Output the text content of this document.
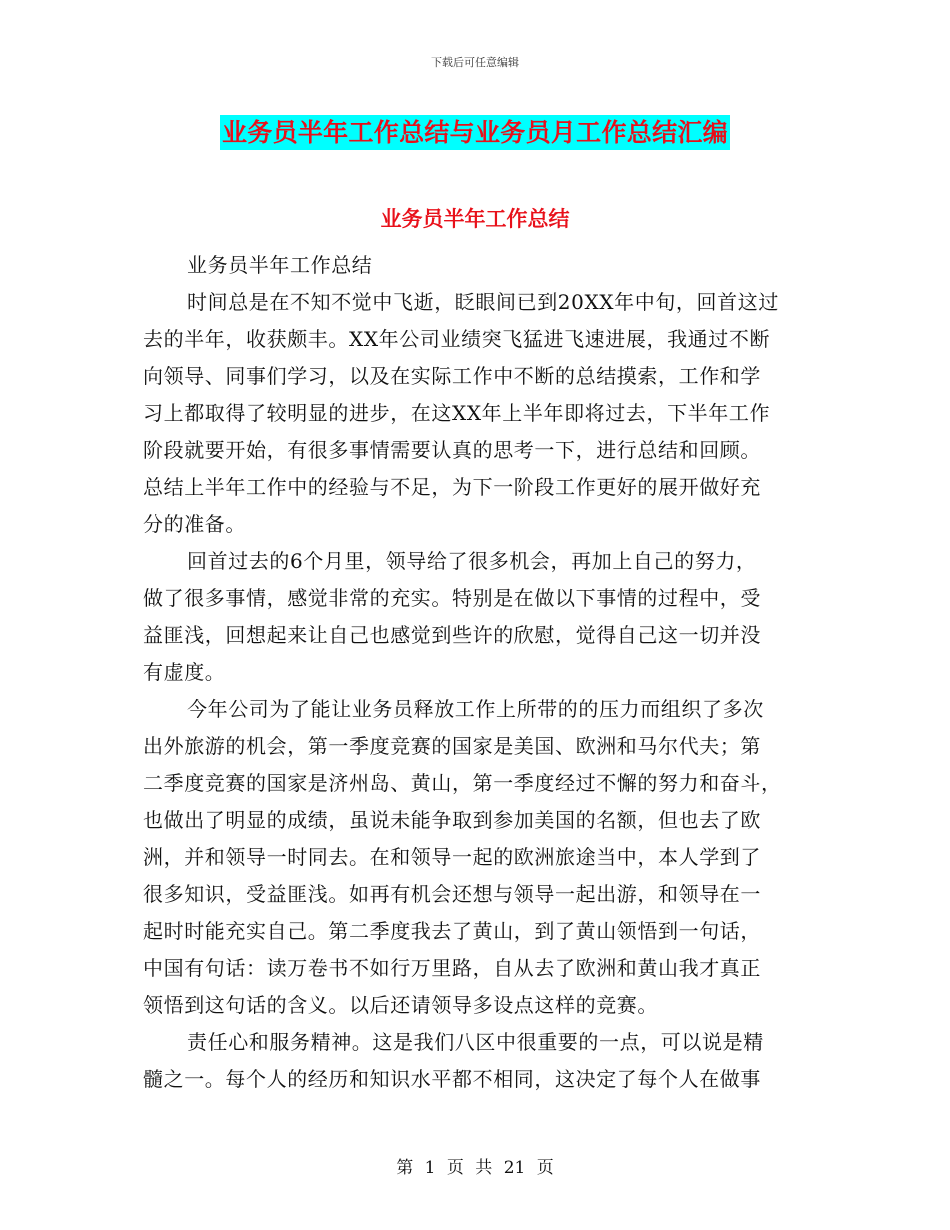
下载后可任意编辑
业务员半年工作总结与业务员月工作总结汇编
业务员半年工作总结
业务员半年工作总结
时间总是在不知不觉中飞逝，眨眼间已到20XX年中旬，回首这过
去的半年，收获颇丰。XX年公司业绩突飞猛进飞速进展，我通过不断
向领导、同事们学习，以及在实际工作中不断的总结摸索，工作和学
习上都取得了较明显的进步，在这XX年上半年即将过去，下半年工作
阶段就要开始，有很多事情需要认真的思考一下，进行总结和回顾。
总结上半年工作中的经验与不足，为下一阶段工作更好的展开做好充
分的准备。
回首过去的6个月里，领导给了很多机会，再加上自己的努力，
做了很多事情，感觉非常的充实。特别是在做以下事情的过程中，受
益匪浅，回想起来让自己也感觉到些许的欣慰，觉得自己这一切并没
有虚度。
今年公司为了能让业务员释放工作上所带的的压力而组织了多次
出外旅游的机会，第一季度竞赛的国家是美国、欧洲和马尔代夫；第
二季度竞赛的国家是济州岛、黄山，第一季度经过不懈的努力和奋斗，
也做出了明显的成绩，虽说未能争取到参加美国的名额，但也去了欧
洲，并和领导一时同去。在和领导一起的欧洲旅途当中，本人学到了
很多知识，受益匪浅。如再有机会还想与领导一起出游，和领导在一
起时时能充实自己。第二季度我去了黄山，到了黄山领悟到一句话，
中国有句话：读万卷书不如行万里路，自从去了欧洲和黄山我才真正
领悟到这句话的含义。以后还请领导多设点这样的竞赛。
责任心和服务精神。这是我们八区中很重要的一点，可以说是精
髓之一。每个人的经历和知识水平都不相同，这决定了每个人在做事
第 1 页 共 21 页
